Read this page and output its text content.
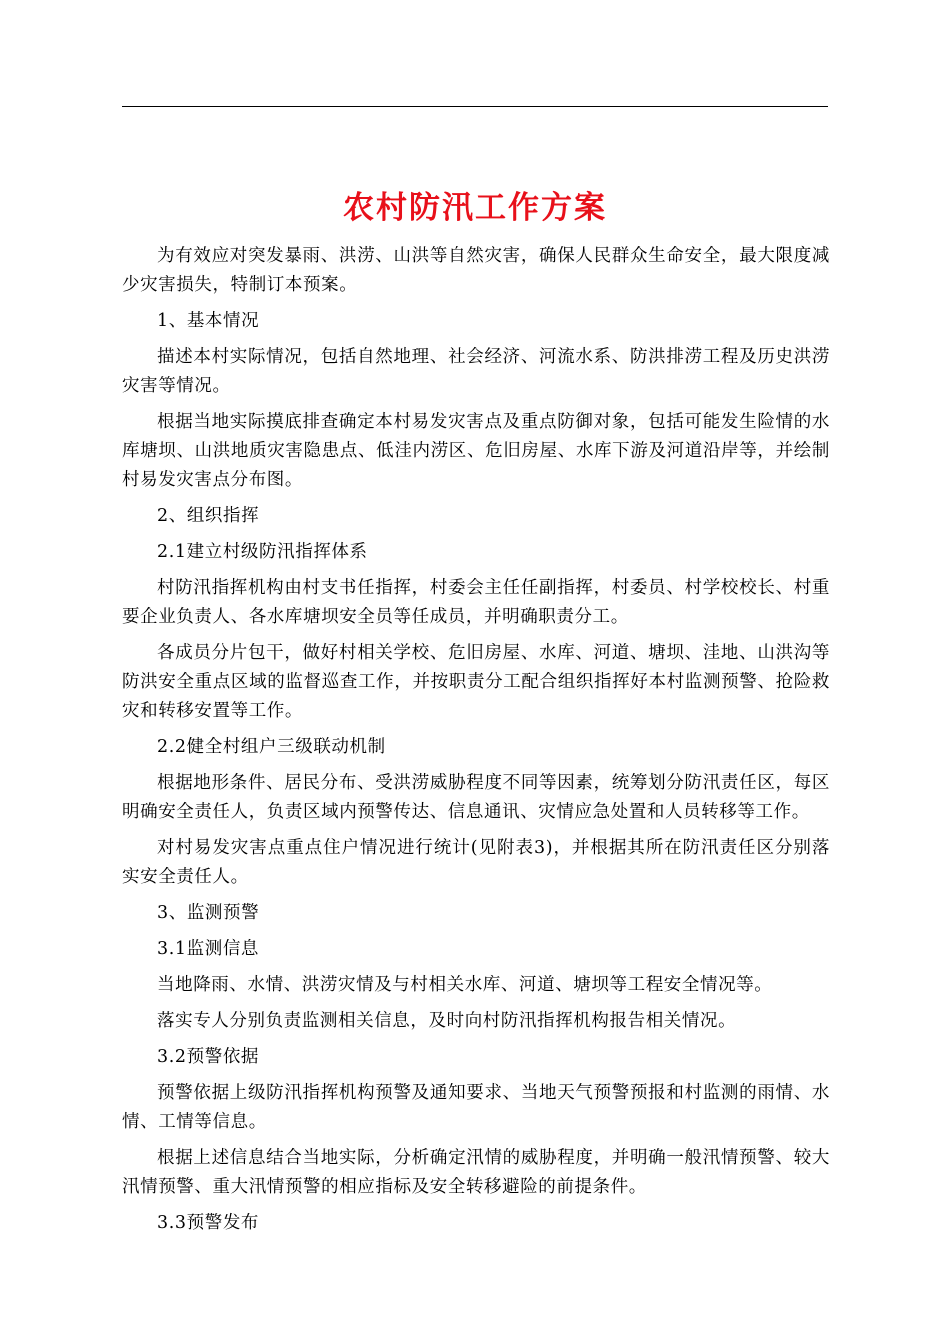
农村防汛工作方案

为有效应对突发暴雨、洪涝、山洪等自然灾害，确保人民群众生命安全，最大限度减少灾害损失，特制订本预案。

1、基本情况

描述本村实际情况，包括自然地理、社会经济、河流水系、防洪排涝工程及历史洪涝灾害等情况。

根据当地实际摸底排查确定本村易发灾害点及重点防御对象，包括可能发生险情的水库塘坝、山洪地质灾害隐患点、低洼内涝区、危旧房屋、水库下游及河道沿岸等，并绘制村易发灾害点分布图。

2、组织指挥

2.1建立村级防汛指挥体系

村防汛指挥机构由村支书任指挥，村委会主任任副指挥，村委员、村学校校长、村重要企业负责人、各水库塘坝安全员等任成员，并明确职责分工。

各成员分片包干，做好村相关学校、危旧房屋、水库、河道、塘坝、洼地、山洪沟等防洪安全重点区域的监督巡查工作，并按职责分工配合组织指挥好本村监测预警、抢险救灾和转移安置等工作。

2.2健全村组户三级联动机制

根据地形条件、居民分布、受洪涝威胁程度不同等因素，统筹划分防汛责任区，每区明确安全责任人，负责区域内预警传达、信息通讯、灾情应急处置和人员转移等工作。

对村易发灾害点重点住户情况进行统计(见附表3)，并根据其所在防汛责任区分别落实安全责任人。

3、监测预警

3.1监测信息

当地降雨、水情、洪涝灾情及与村相关水库、河道、塘坝等工程安全情况等。

落实专人分别负责监测相关信息，及时向村防汛指挥机构报告相关情况。

3.2预警依据

预警依据上级防汛指挥机构预警及通知要求、当地天气预警预报和村监测的雨情、水情、工情等信息。

根据上述信息结合当地实际，分析确定汛情的威胁程度，并明确一般汛情预警、较大汛情预警、重大汛情预警的相应指标及安全转移避险的前提条件。

3.3预警发布
